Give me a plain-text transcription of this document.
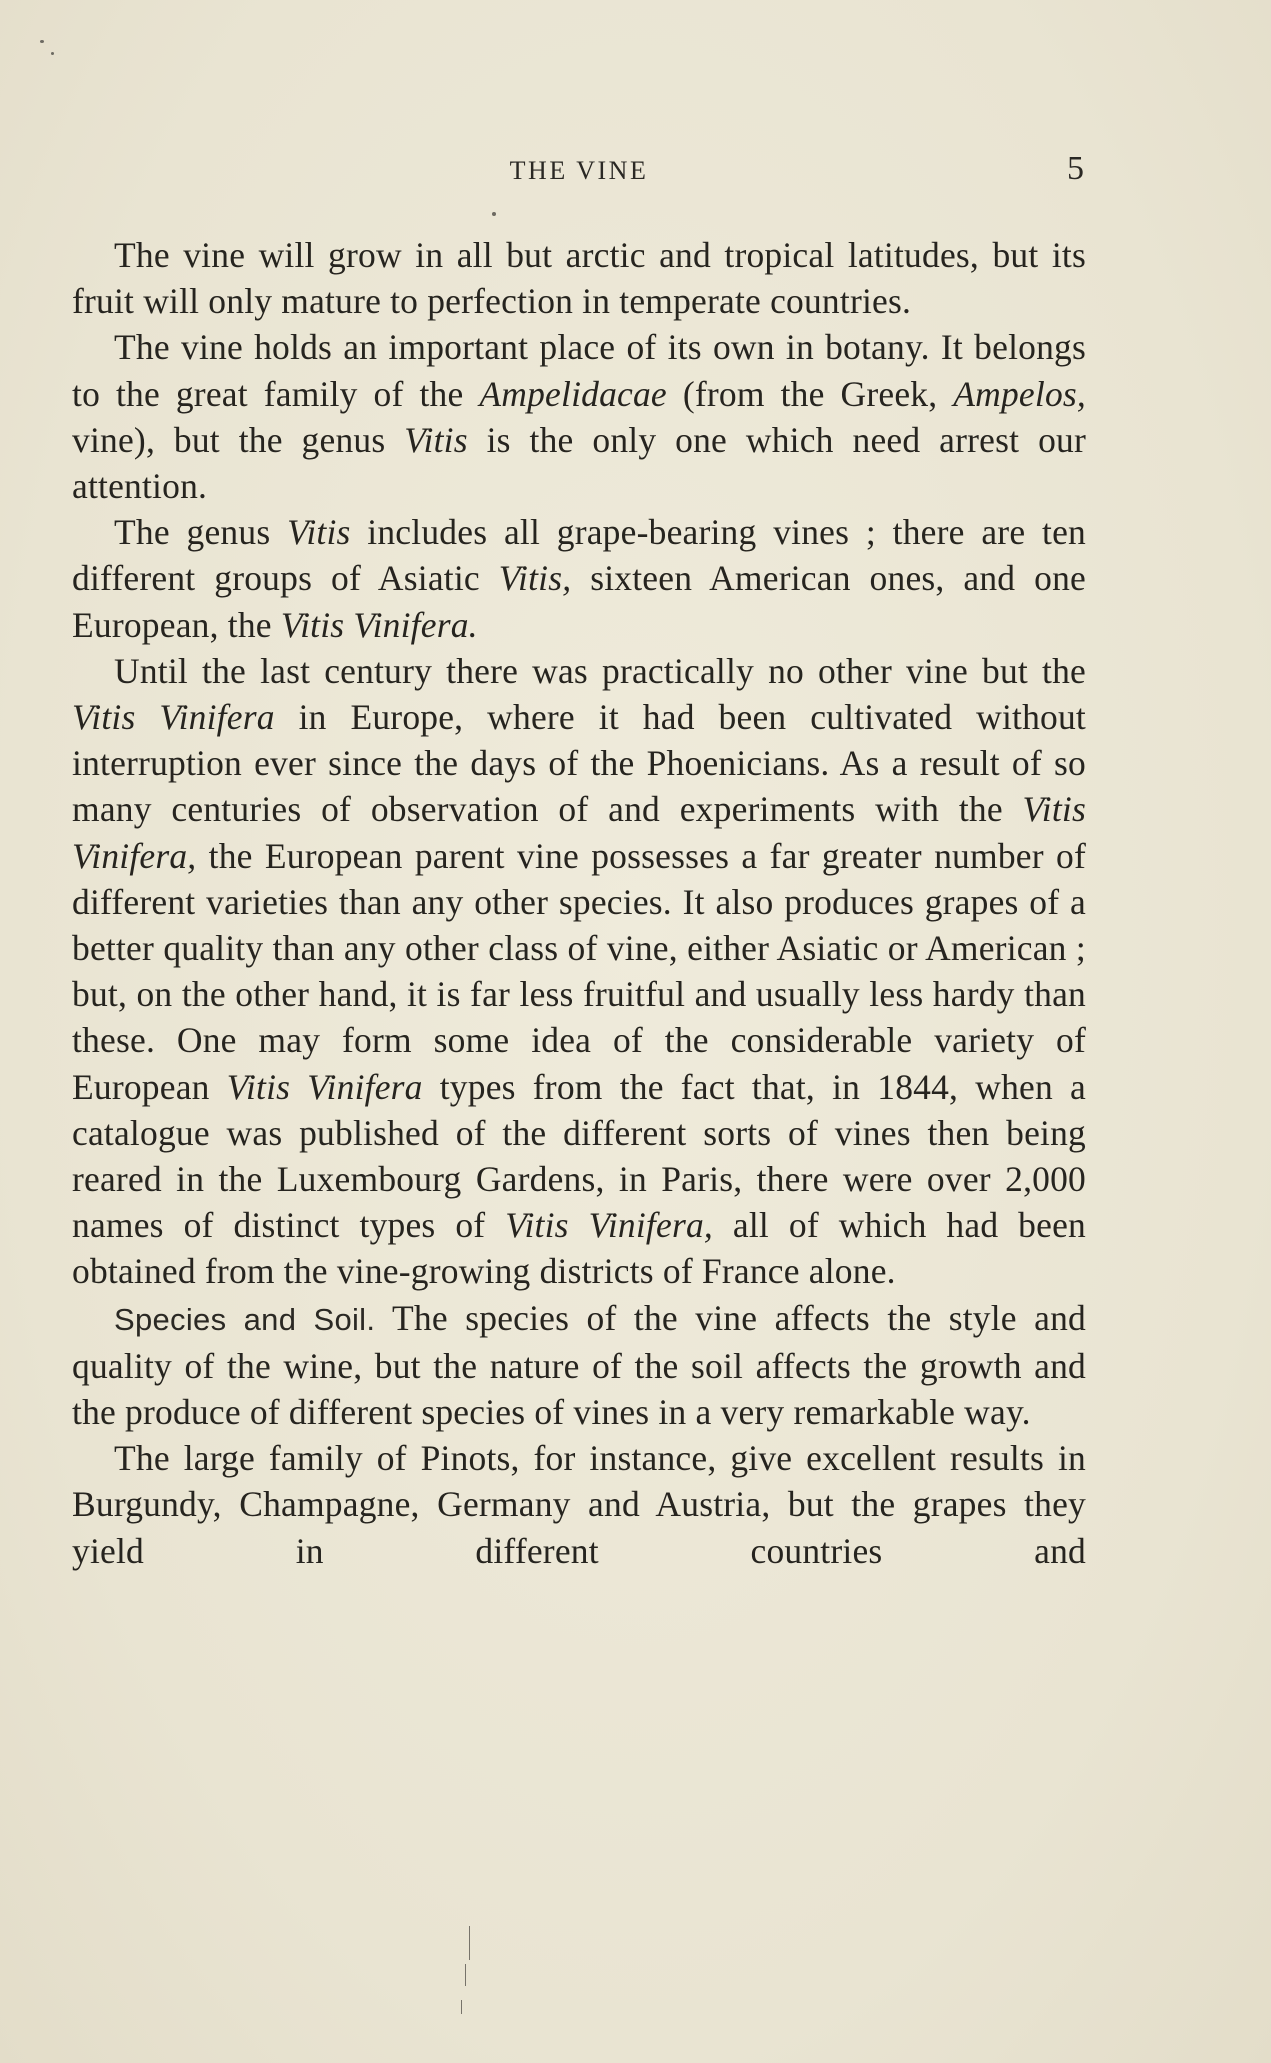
THE VINE	5

The vine will grow in all but arctic and tropical latitudes, but its fruit will only mature to perfection in temperate countries.

The vine holds an important place of its own in botany. It belongs to the great family of the Ampelidacae (from the Greek, Ampelos, vine), but the genus Vitis is the only one which need arrest our attention.

The genus Vitis includes all grape-bearing vines ; there are ten different groups of Asiatic Vitis, sixteen American ones, and one European, the Vitis Vinifera.

Until the last century there was practically no other vine but the Vitis Vinifera in Europe, where it had been cultivated without interruption ever since the days of the Phoenicians. As a result of so many centuries of observation of and experiments with the Vitis Vinifera, the European parent vine possesses a far greater number of different varieties than any other species. It also produces grapes of a better quality than any other class of vine, either Asiatic or American ; but, on the other hand, it is far less fruitful and usually less hardy than these. One may form some idea of the considerable variety of European Vitis Vinifera types from the fact that, in 1844, when a catalogue was published of the different sorts of vines then being reared in the Luxembourg Gardens, in Paris, there were over 2,000 names of distinct types of Vitis Vinifera, all of which had been obtained from the vine-growing districts of France alone.

Species and Soil. The species of the vine affects the style and quality of the wine, but the nature of the soil affects the growth and the produce of different species of vines in a very remarkable way.

The large family of Pinots, for instance, give excellent results in Burgundy, Champagne, Germany and Austria, but the grapes they yield in different countries and
